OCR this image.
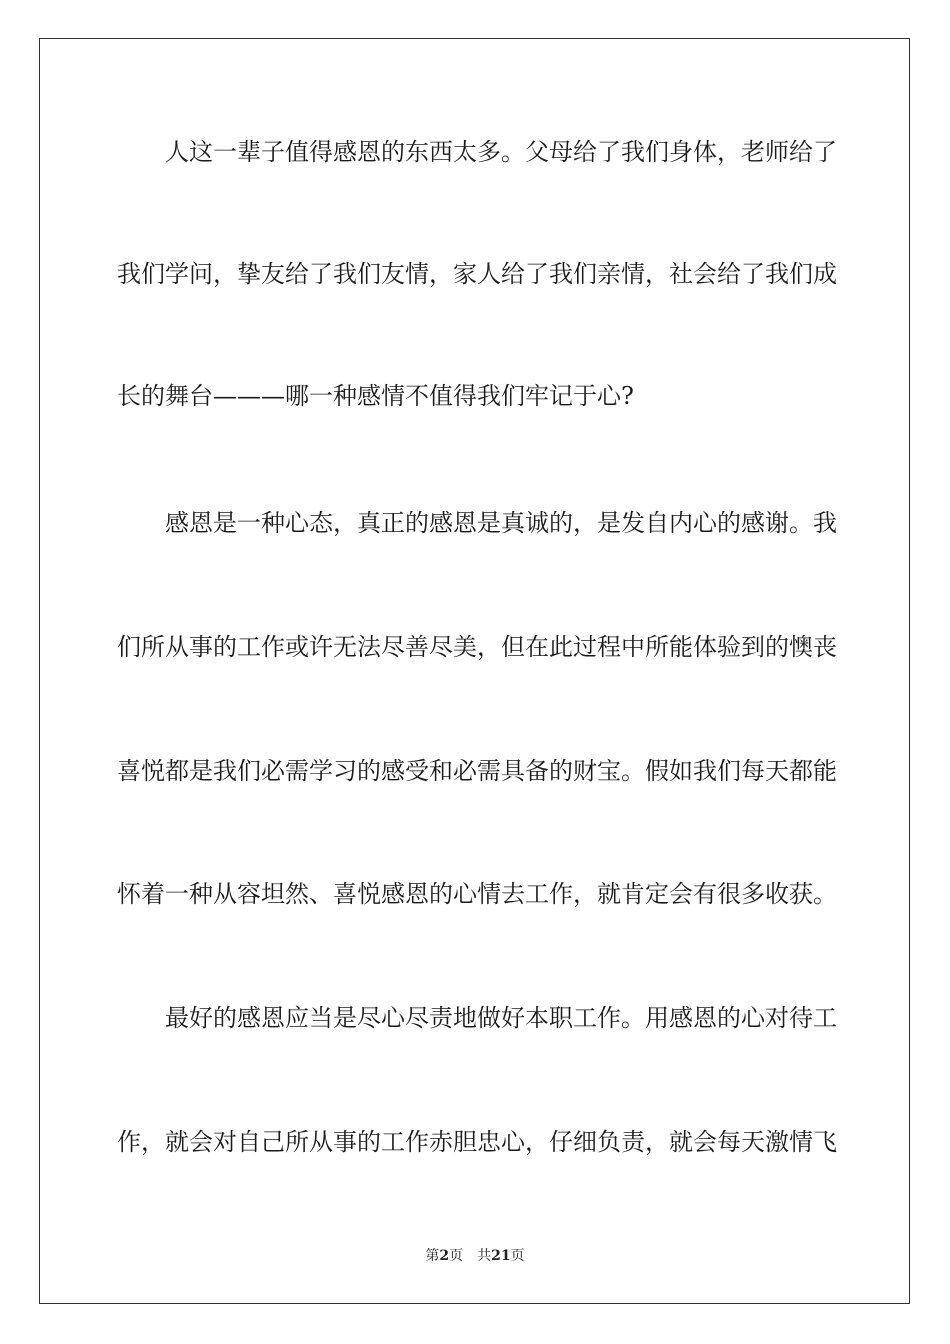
　　人这一辈子值得感恩的东西太多。父母给了我们身体，老师给了
我们学问，挚友给了我们友情，家人给了我们亲情，社会给了我们成
长的舞台———哪一种感情不值得我们牢记于心?
　　感恩是一种心态，真正的感恩是真诚的，是发自内心的感谢。我
们所从事的工作或许无法尽善尽美，但在此过程中所能体验到的懊丧
喜悦都是我们必需学习的感受和必需具备的财宝。假如我们每天都能
怀着一种从容坦然、喜悦感恩的心情去工作，就肯定会有很多收获。
　　最好的感恩应当是尽心尽责地做好本职工作。用感恩的心对待工
作，就会对自己所从事的工作赤胆忠心，仔细负责，就会每天激情飞
第2页 共21页
